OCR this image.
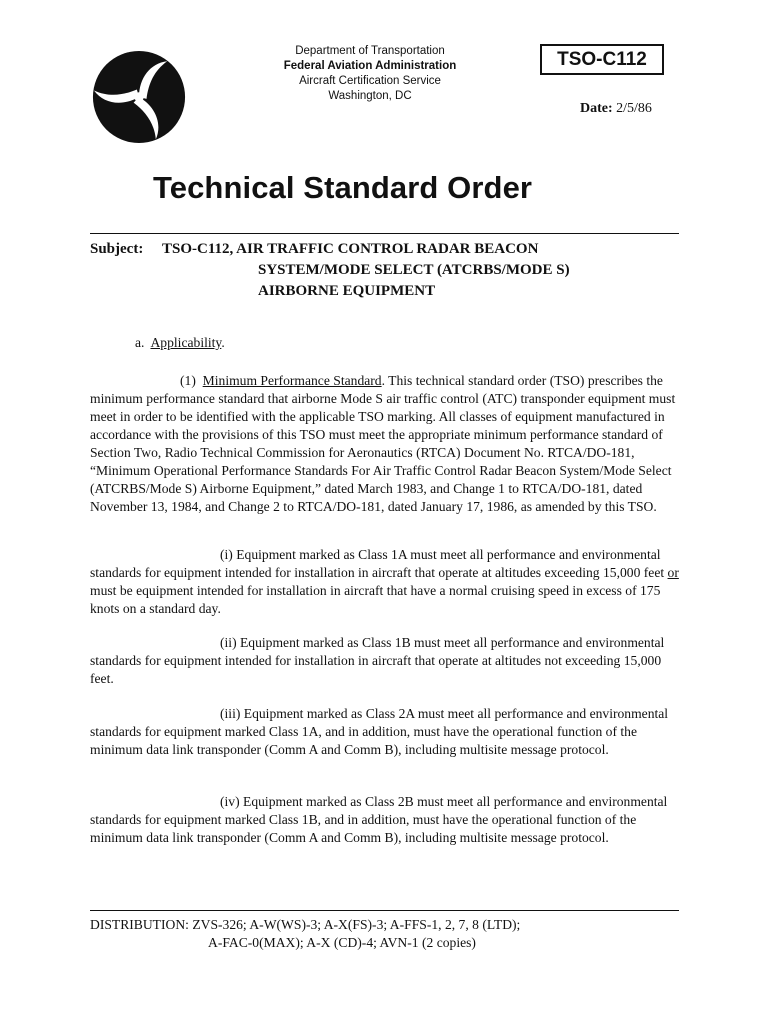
Department of Transportation
Federal Aviation Administration
Aircraft Certification Service
Washington, DC
TSO-C112
Date: 2/5/86
Technical Standard Order
Subject: TSO-C112, AIR TRAFFIC CONTROL RADAR BEACON
SYSTEM/MODE SELECT (ATCRBS/MODE S)
AIRBORNE EQUIPMENT
a. Applicability.
(1) Minimum Performance Standard. This technical standard order (TSO) prescribes the minimum performance standard that airborne Mode S air traffic control (ATC) transponder equipment must meet in order to be identified with the applicable TSO marking. All classes of equipment manufactured in accordance with the provisions of this TSO must meet the appropriate minimum performance standard of Section Two, Radio Technical Commission for Aeronautics (RTCA) Document No. RTCA/DO-181, “Minimum Operational Performance Standards For Air Traffic Control Radar Beacon System/Mode Select (ATCRBS/Mode S) Airborne Equipment,” dated March 1983, and Change 1 to RTCA/DO-181, dated November 13, 1984, and Change 2 to RTCA/DO-181, dated January 17, 1986, as amended by this TSO.
(i) Equipment marked as Class 1A must meet all performance and environmental standards for equipment intended for installation in aircraft that operate at altitudes exceeding 15,000 feet or must be equipment intended for installation in aircraft that have a normal cruising speed in excess of 175 knots on a standard day.
(ii) Equipment marked as Class 1B must meet all performance and environmental standards for equipment intended for installation in aircraft that operate at altitudes not exceeding 15,000 feet.
(iii) Equipment marked as Class 2A must meet all performance and environmental standards for equipment marked Class 1A, and in addition, must have the operational function of the minimum data link transponder (Comm A and Comm B), including multisite message protocol.
(iv) Equipment marked as Class 2B must meet all performance and environmental standards for equipment marked Class 1B, and in addition, must have the operational function of the minimum data link transponder (Comm A and Comm B), including multisite message protocol.
DISTRIBUTION: ZVS-326; A-W(WS)-3; A-X(FS)-3; A-FFS-1, 2, 7, 8 (LTD);
A-FAC-0(MAX); A-X (CD)-4; AVN-1 (2 copies)
